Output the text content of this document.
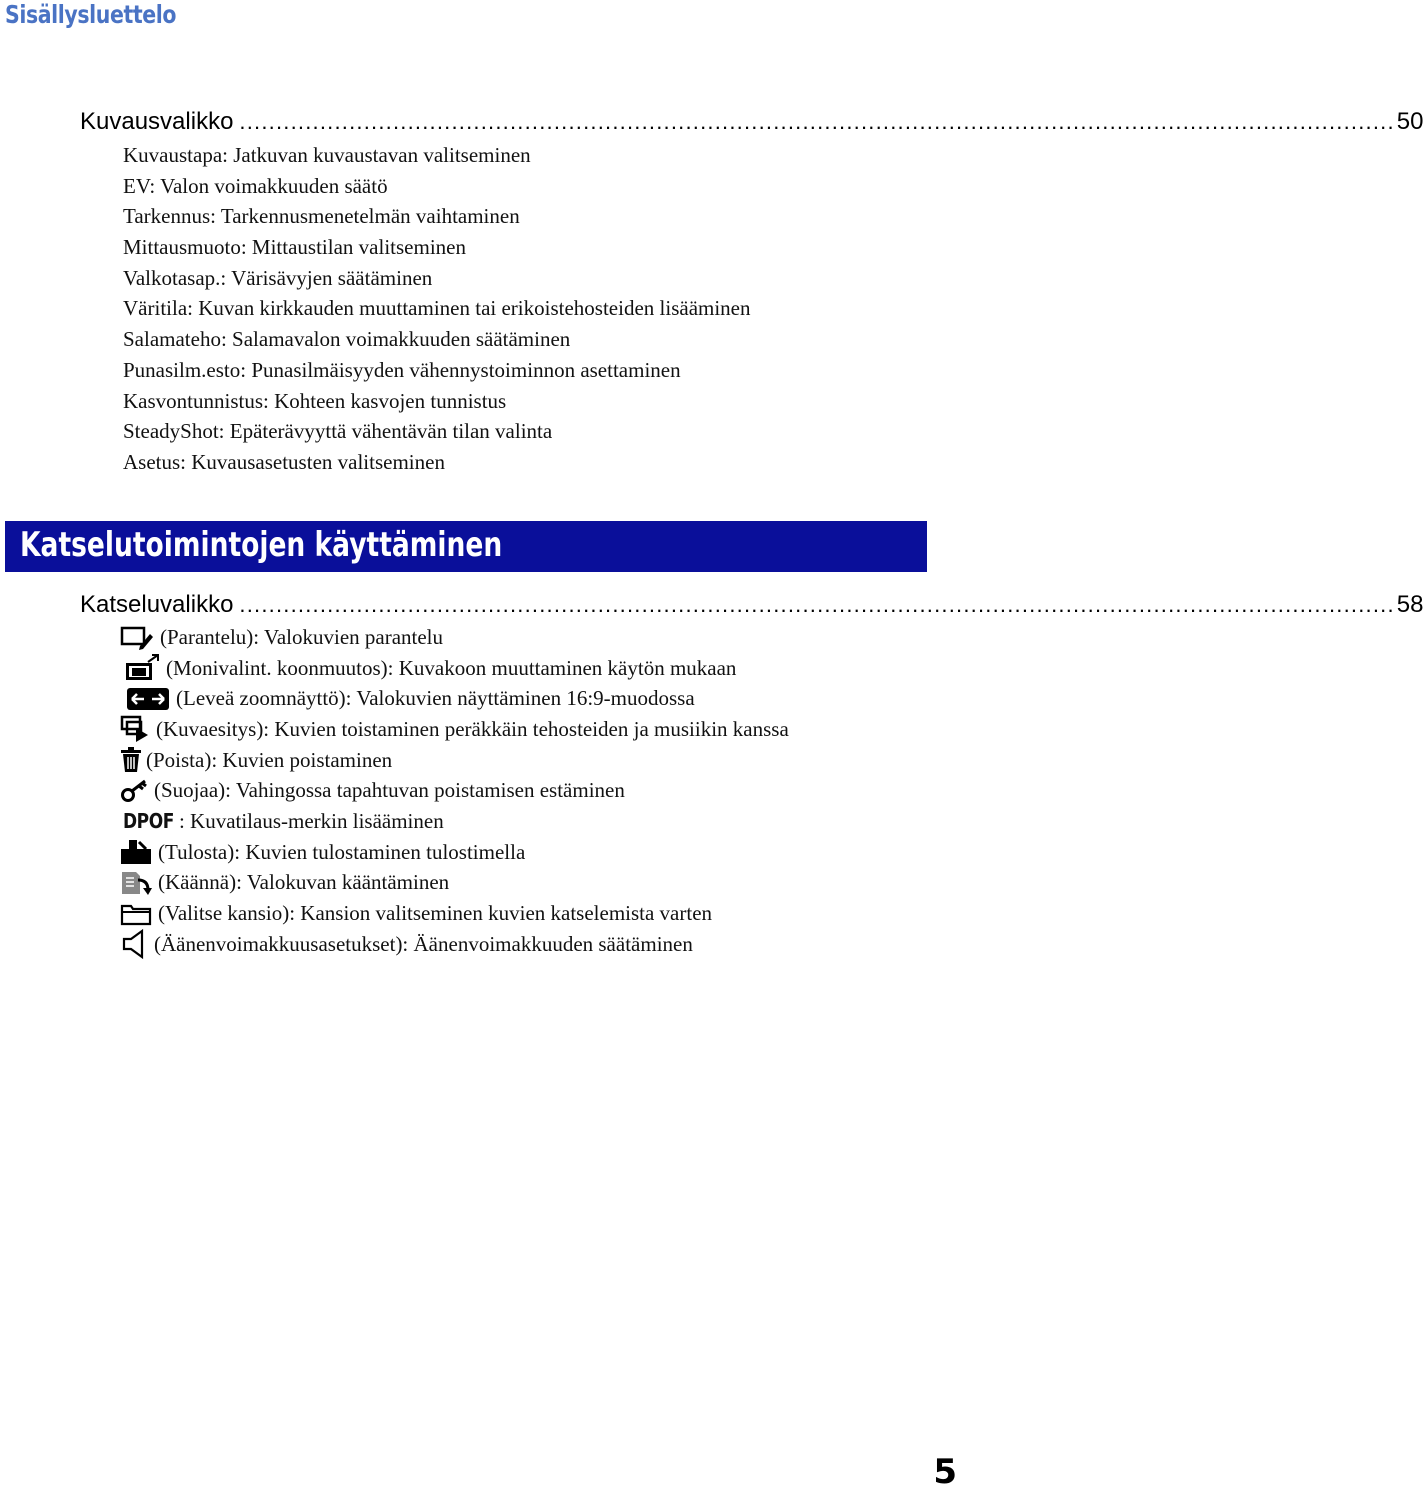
Sisällysluettelo
Kuvausvalikko .............................................................................................................................................................. 50
Kuvaustapa: Jatkuvan kuvaustavan valitseminen
EV: Valon voimakkuuden säätö
Tarkennus: Tarkennusmenetelmän vaihtaminen
Mittausmuoto: Mittaustilan valitseminen
Valkotasap.: Värisävyjen säätäminen
Väritila: Kuvan kirkkauden muuttaminen tai erikoistehosteiden lisääminen
Salamateho: Salamavalon voimakkuuden säätäminen
Punasilm.esto: Punasilmäisyyden vähennystoiminnon asettaminen
Kasvontunnistus: Kohteen kasvojen tunnistus
SteadyShot: Epäterävyyttä vähentävän tilan valinta
Asetus: Kuvausasetusten valitseminen
Katselutoimintojen käyttäminen
Katseluvalikko .............................................................................................................................................................. 58
(Parantelu): Valokuvien parantelu
(Monivalint. koonmuutos): Kuvakoon muuttaminen käytön mukaan
(Leveä zoomnäyttö): Valokuvien näyttäminen 16:9-muodossa
(Kuvaesitys): Kuvien toistaminen peräkkäin tehosteiden ja musiikin kanssa
(Poista): Kuvien poistaminen
(Suojaa): Vahingossa tapahtuvan poistamisen estäminen
DPOF : Kuvatilaus-merkin lisääminen
(Tulosta): Kuvien tulostaminen tulostimella
(Käännä): Valokuvan kääntäminen
(Valitse kansio): Kansion valitseminen kuvien katselemista varten
(Äänenvoimakkuusasetukset): Äänenvoimakkuuden säätäminen
5
